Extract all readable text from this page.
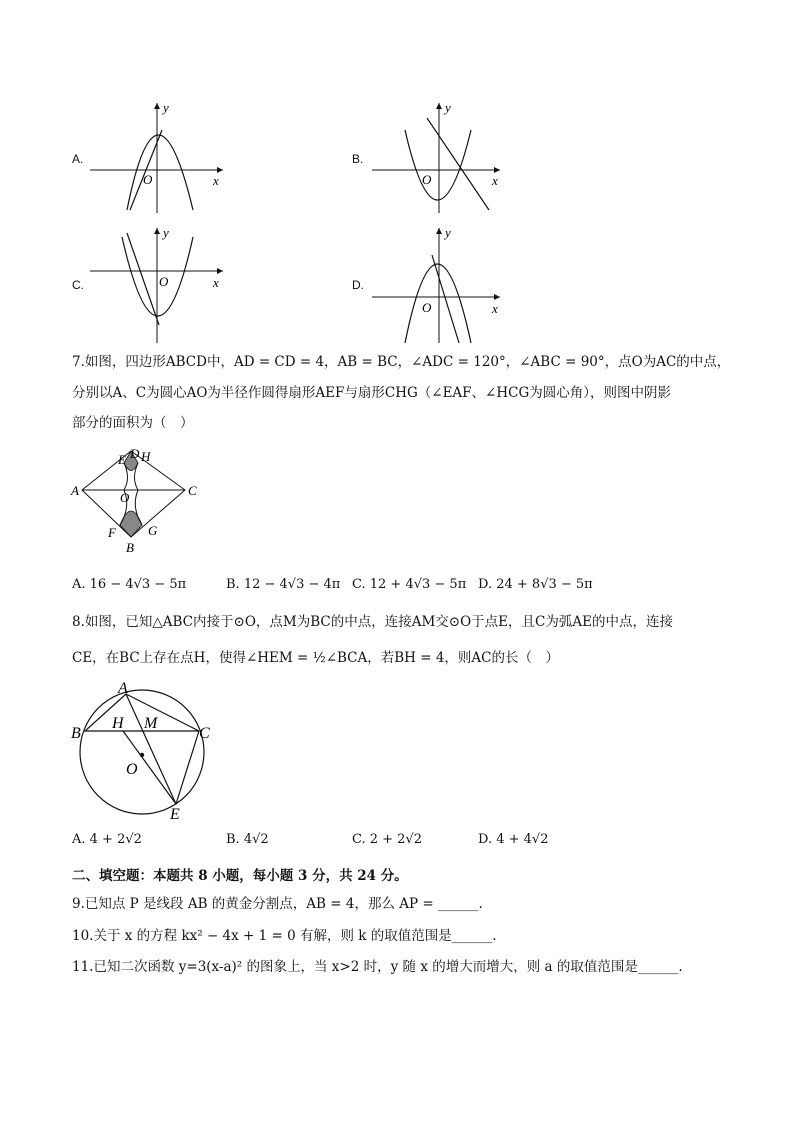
A.
x
y
O
B.
x
y
O
C.	x
y
O	D.
x
y
O
7.如图，四边形ABCD中，AD = CD = 4，AB = BC，∠ADC = 120°，∠ABC = 90°，点O为AC的中点，
分别以A、C为圆心AO为半径作圆得扇形AEF与扇形CHG（∠EAF、∠HCG为圆心角），则图中阴影
部分的面积为（　）
E D H
A	O	C
F G
B
A. 16 − 4√3 − 5π	B. 12 − 4√3 − 4π C. 12 + 4√3 − 5π D. 24 + 8√3 − 5π
8.如图，已知△ABC内接于⊙O，点M为BC的中点，连接AM交⊙O于点E，且C为弧AE的中点，连接
CE，在BC上存在点H，使得∠HEM = ½∠BCA，若BH = 4，则AC的长（　）
A
B
H M
C
O
E
A. 4 + 2√2	B. 4√2	C. 2 + 2√2	D. 4 + 4√2
二、填空题：本题共 8 小题，每小题 3 分，共 24 分。
9.已知点 P 是线段 AB 的黄金分割点，AB = 4，那么 AP = ______.
10.关于 x 的方程 kx² − 4x + 1 = 0 有解，则 k 的取值范围是______.
11.已知二次函数 y=3(x-a)² 的图象上，当 x>2 时，y 随 x 的增大而增大，则 a 的取值范围是______.
